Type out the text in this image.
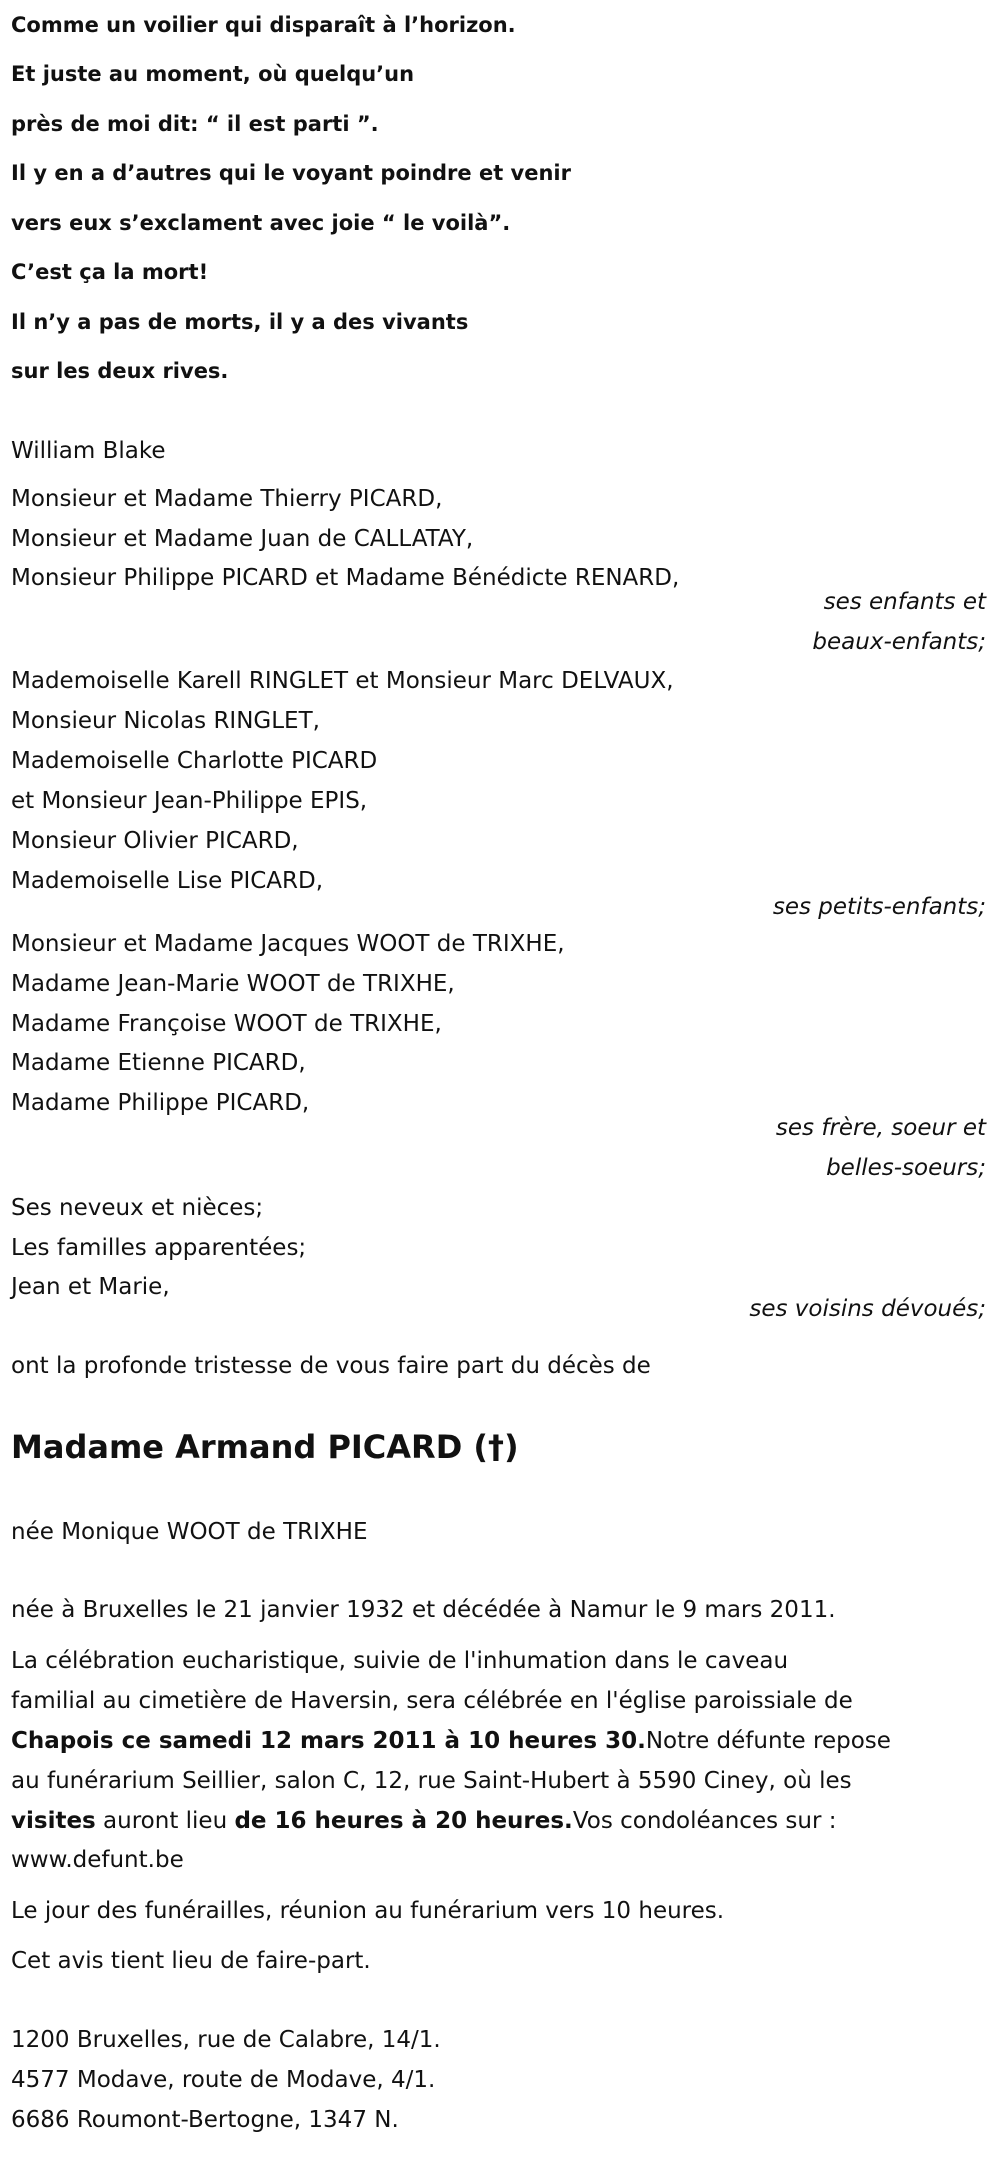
Comme un voilier qui disparaît à l’horizon.
Et juste au moment, où quelqu’un
près de moi dit: “ il est parti ”.
Il y en a d’autres qui le voyant poindre et venir
vers eux s’exclament avec joie “ le voilà”.
C’est ça la mort!
Il n’y a pas de morts, il y a des vivants
sur les deux rives.
William Blake
Monsieur et Madame Thierry PICARD,
Monsieur et Madame Juan de CALLATAY,
Monsieur Philippe PICARD et Madame Bénédicte RENARD,
ses enfants et
beaux-enfants;
Mademoiselle Karell RINGLET et Monsieur Marc DELVAUX,
Monsieur Nicolas RINGLET,
Mademoiselle Charlotte PICARD
et Monsieur Jean-Philippe EPIS,
Monsieur Olivier PICARD,
Mademoiselle Lise PICARD,
ses petits-enfants;
Monsieur et Madame Jacques WOOT de TRIXHE,
Madame Jean-Marie WOOT de TRIXHE,
Madame Françoise WOOT de TRIXHE,
Madame Etienne PICARD,
Madame Philippe PICARD,
ses frère, soeur et
belles-soeurs;
Ses neveux et nièces;
Les familles apparentées;
Jean et Marie,
ses voisins dévoués;
ont la profonde tristesse de vous faire part du décès de
Madame Armand PICARD (†)
née Monique WOOT de TRIXHE
née à Bruxelles le 21 janvier 1932 et décédée à Namur le 9 mars 2011.
La célébration eucharistique, suivie de l'inhumation dans le caveau
familial au cimetière de Haversin, sera célébrée en l'église paroissiale de
Chapois ce samedi 12 mars 2011 à 10 heures 30.Notre défunte repose
au funérarium Seillier, salon C, 12, rue Saint-Hubert à 5590 Ciney, où les
visites auront lieu de 16 heures à 20 heures.Vos condoléances sur :
www.defunt.be
Le jour des funérailles, réunion au funérarium vers 10 heures.
Cet avis tient lieu de faire-part.
1200 Bruxelles, rue de Calabre, 14/1.
4577 Modave, route de Modave, 4/1.
6686 Roumont-Bertogne, 1347 N.
